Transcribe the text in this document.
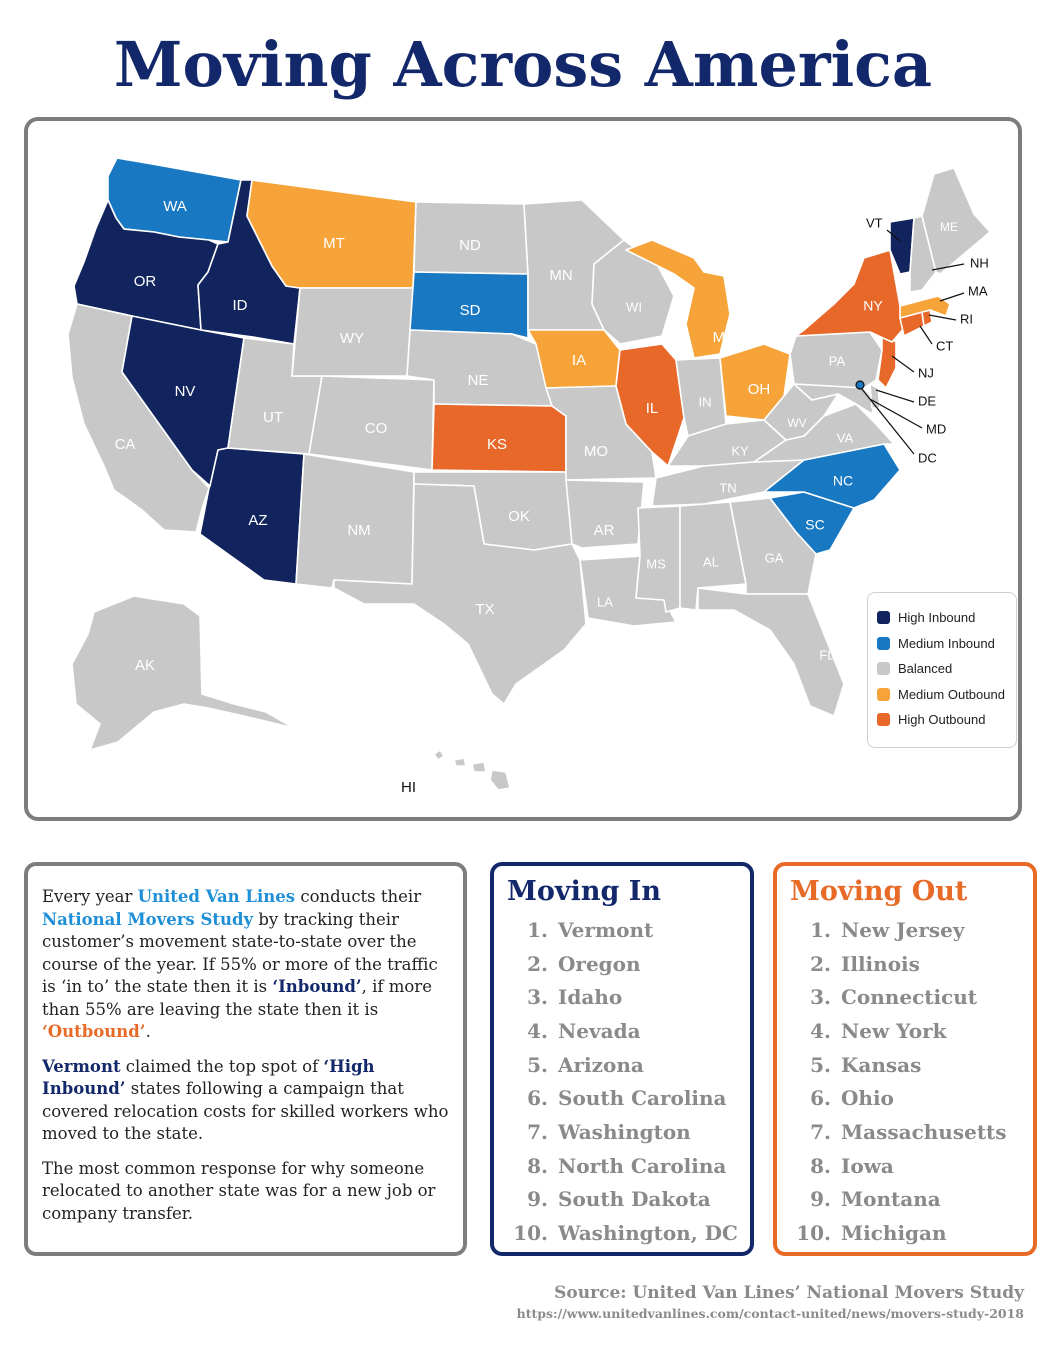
Moving Across America
WA
OR
ID
NV
AZ
CA
MT
WY
UT
CO
NM
ND
SD
NE
KS
OK
TX
MN
IA
MO
AR
LA
WI
IL
MI
IN
OH
KY
TN
MS	AL	GA
FL
SC
NC
VA
WV
PA
NY
ME
AK
VT
NH
MA
RI
CT
NJ
DE
MD
DC
HI
High Inbound
Medium Inbound
Balanced
Medium Outbound
High Outbound

Every year United Van Lines conducts their National Movers Study by tracking their customer’s movement state-to-state over the course of the year. If 55% or more of the traffic is ‘in to’ the state then it is ‘Inbound’, if more than 55% are leaving the state then it is ‘Outbound’.

Vermont claimed the top spot of ‘High Inbound’ states following a campaign that covered relocation costs for skilled workers who moved to the state.

The most common response for why someone relocated to another state was for a new job or company transfer.

Moving In
1. Vermont
2. Oregon
3. Idaho
4. Nevada
5. Arizona
6. South Carolina
7. Washington
8. North Carolina
9. South Dakota
10. Washington, DC
Moving Out
1. New Jersey
2. Illinois
3. Connecticut
4. New York
5. Kansas
6. Ohio
7. Massachusetts
8. Iowa
9. Montana
10. Michigan
Source: United Van Lines’ National Movers Study
https://www.unitedvanlines.com/contact-united/news/movers-study-2018
